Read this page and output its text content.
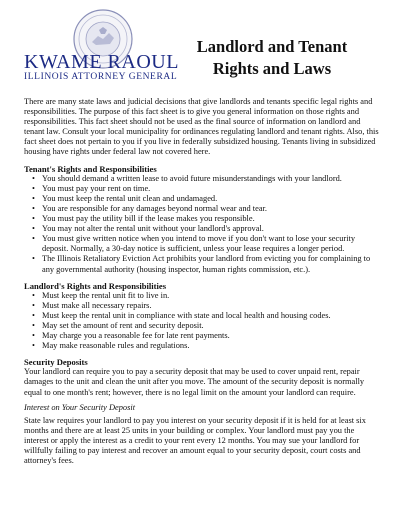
KWAME RAOUL
ILLINOIS ATTORNEY GENERAL
Landlord and Tenant
Rights and Laws

There are many state laws and judicial decisions that give landlords and tenants specific legal rights and responsibilities. The purpose of this fact sheet is to give you general information on those rights and responsibilities. This fact sheet should not be used as the final source of information on landlord and tenant law. Consult your local municipality for ordinances regulating landlord and tenant rights. Also, this fact sheet does not pertain to you if you live in federally subsidized housing. Tenants living in subsidized housing have rights under federal law not covered here.

Tenant's Rights and Responsibilities

• You should demand a written lease to avoid future misunderstandings with your landlord.
• You must pay your rent on time.
• You must keep the rental unit clean and undamaged.
• You are responsible for any damages beyond normal wear and tear.
• You must pay the utility bill if the lease makes you responsible.
• You may not alter the rental unit without your landlord's approval.
• You must give written notice when you intend to move if you don't want to lose your security deposit. Normally, a 30-day notice is sufficient, unless your lease requires a longer period.
• The Illinois Retaliatory Eviction Act prohibits your landlord from evicting you for complaining to any governmental authority (housing inspector, human rights commission, etc.).

Landlord's Rights and Responsibilities

• Must keep the rental unit fit to live in.
• Must make all necessary repairs.
• Must keep the rental unit in compliance with state and local health and housing codes.
• May set the amount of rent and security deposit.
• May charge you a reasonable fee for late rent payments.
• May make reasonable rules and regulations.

Security Deposits

Your landlord can require you to pay a security deposit that may be used to cover unpaid rent, repair damages to the unit and clean the unit after you move. The amount of the security deposit is normally equal to one month's rent; however, there is no legal limit on the amount your landlord can require.

Interest on Your Security Deposit

State law requires your landlord to pay you interest on your security deposit if it is held for at least six months and there are at least 25 units in your building or complex. Your landlord must pay you the interest or apply the interest as a credit to your rent every 12 months. You may sue your landlord for willfully failing to pay interest and recover an amount equal to your security deposit, court costs and attorney's fees.
